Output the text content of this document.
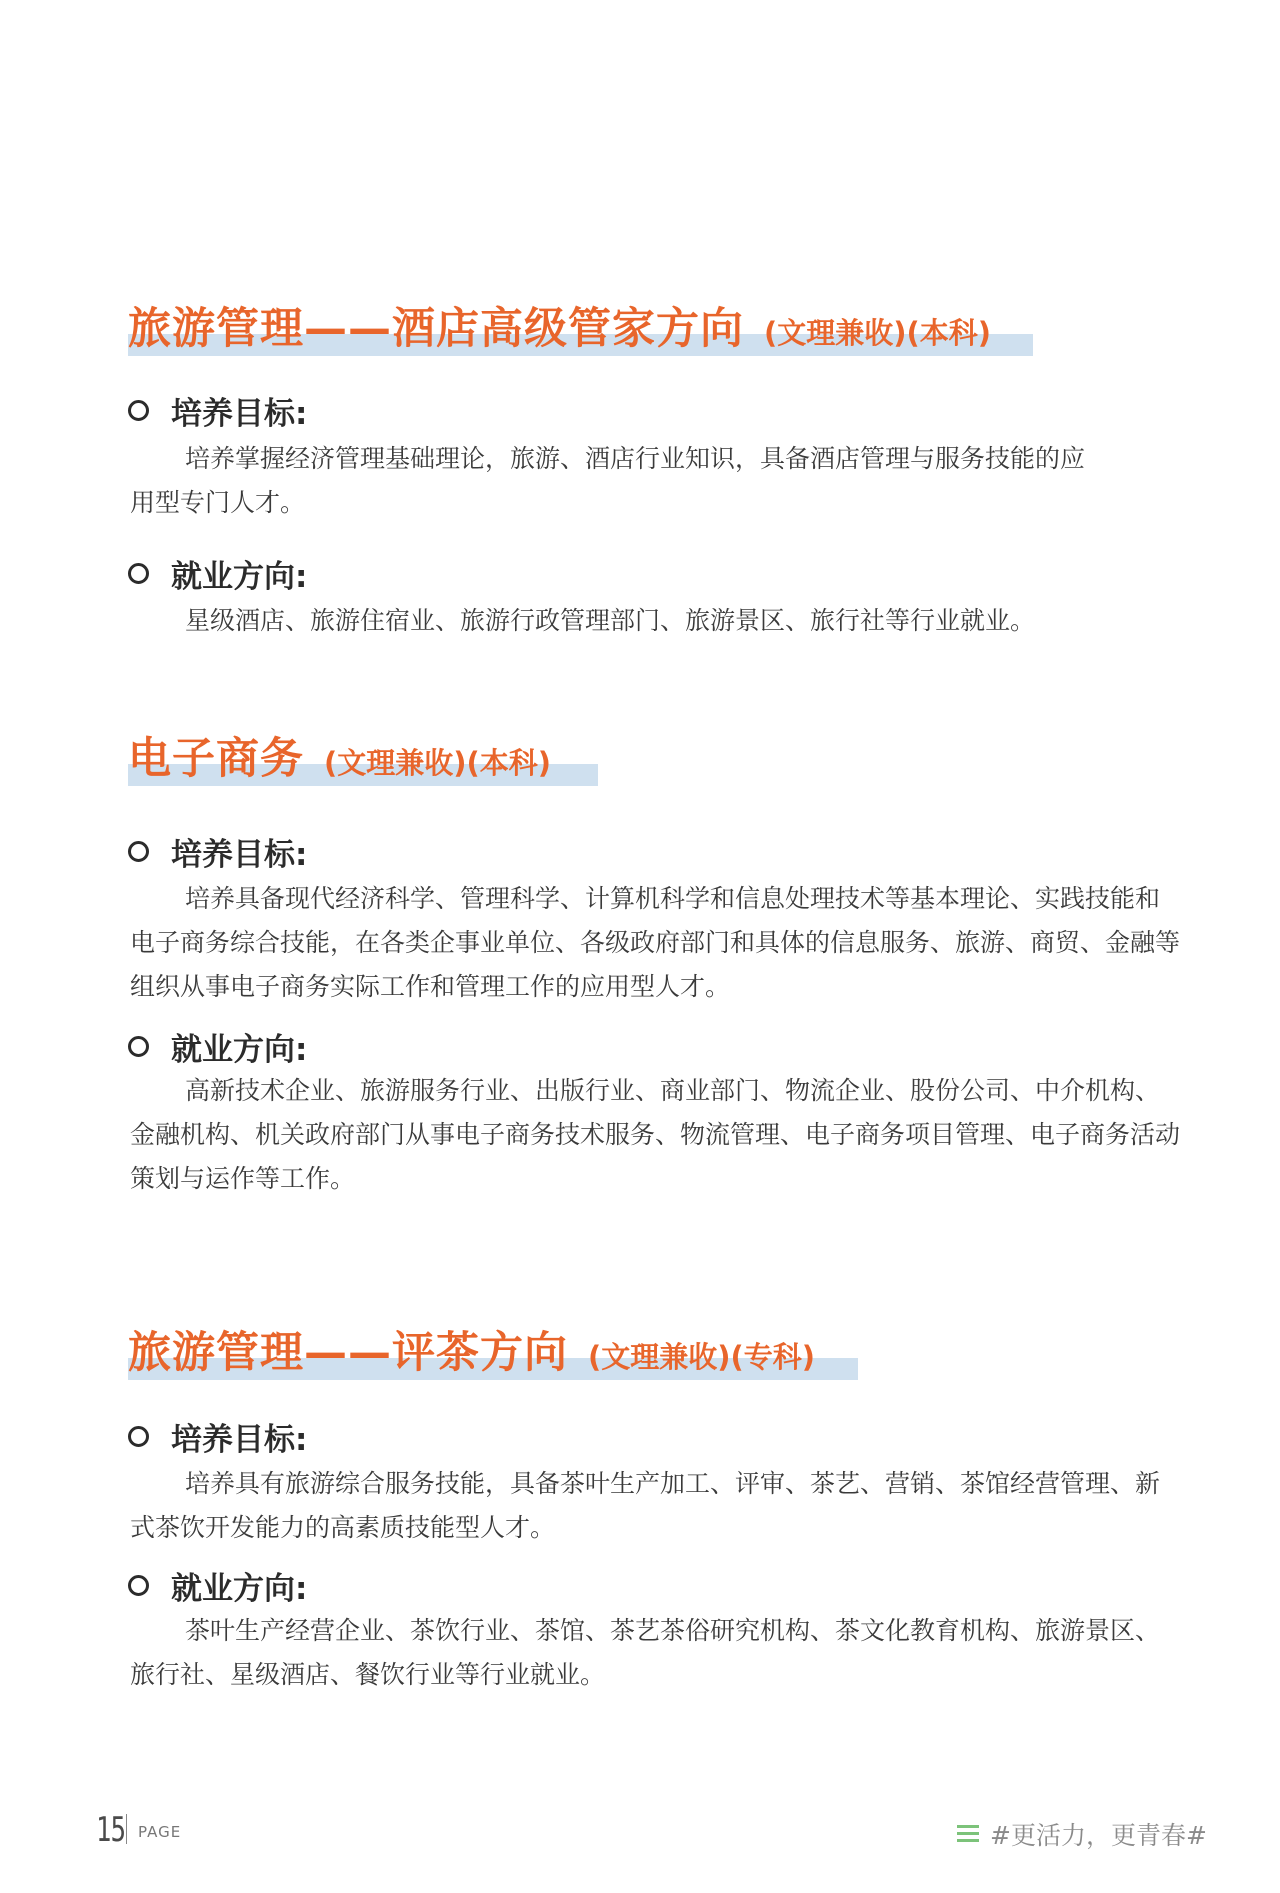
旅游管理——酒店高级管家方向 (文理兼收)(本科)
培养目标:

培养掌握经济管理基础理论，旅游、酒店行业知识，具备酒店管理与服务技能的应用型专门人才。

就业方向:

星级酒店、旅游住宿业、旅游行政管理部门、旅游景区、旅行社等行业就业。

电子商务 (文理兼收)(本科)
培养目标:

培养具备现代经济科学、管理科学、计算机科学和信息处理技术等基本理论、实践技能和电子商务综合技能，在各类企事业单位、各级政府部门和具体的信息服务、旅游、商贸、金融等组织从事电子商务实际工作和管理工作的应用型人才。

就业方向:

高新技术企业、旅游服务行业、出版行业、商业部门、物流企业、股份公司、中介机构、金融机构、机关政府部门从事电子商务技术服务、物流管理、电子商务项目管理、电子商务活动策划与运作等工作。

旅游管理——评茶方向 (文理兼收)(专科)
培养目标:

培养具有旅游综合服务技能，具备茶叶生产加工、评审、茶艺、营销、茶馆经营管理、新式茶饮开发能力的高素质技能型人才。

就业方向:

茶叶生产经营企业、茶饮行业、茶馆、茶艺茶俗研究机构、茶文化教育机构、旅游景区、旅行社、星级酒店、餐饮行业等行业就业。

15 PAGE	#更活力，更青春#
